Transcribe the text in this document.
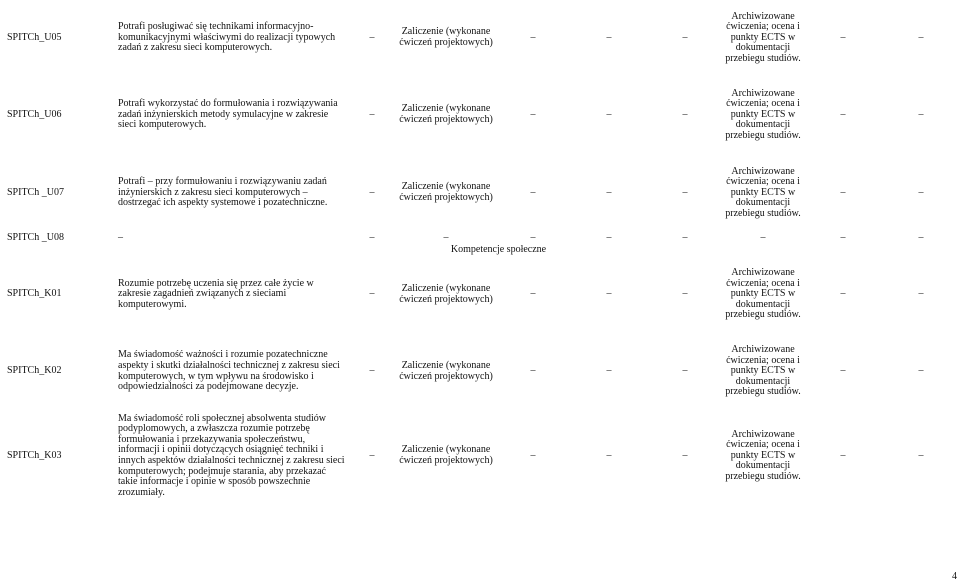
SPITCh_U05	Potrafi posługiwać się technikami informacyjno-komunikacyjnymi właściwymi do realizacji typowych zadań z zakresu sieci komputerowych.	–	Zaliczenie (wykonane ćwiczeń projektowych)	–	–	–	Archiwizowane ćwiczenia; ocena i punkty ECTS w dokumentacji przebiegu studiów.	–	–
SPITCh_U06	Potrafi wykorzystać do formułowania i rozwiązywania zadań inżynierskich metody symulacyjne w zakresie sieci komputerowych.	–	Zaliczenie (wykonane ćwiczeń projektowych)	–	–	–	Archiwizowane ćwiczenia; ocena i punkty ECTS w dokumentacji przebiegu studiów.	–	–
SPITCh _U07	Potrafi – przy formułowaniu i rozwiązywaniu zadań inżynierskich z zakresu sieci komputerowych – dostrzegać ich aspekty systemowe i pozatechniczne.	–	Zaliczenie (wykonane ćwiczeń projektowych)	–	–	–	Archiwizowane ćwiczenia; ocena i punkty ECTS w dokumentacji przebiegu studiów.	–	–
SPITCh _U08	–	–	–	–	–	–	–	–	–
Kompetencje społeczne									
SPITCh_K01	Rozumie potrzebę uczenia się przez całe życie w zakresie zagadnień związanych z sieciami komputerowymi.	–	Zaliczenie (wykonane ćwiczeń projektowych)	–	–	–	Archiwizowane ćwiczenia; ocena i punkty ECTS w dokumentacji przebiegu studiów.	–	–
SPITCh_K02	Ma świadomość ważności i rozumie pozatechniczne aspekty i skutki działalności technicznej z zakresu sieci komputerowych, w tym wpływu na środowisko i odpowiedzialności za podejmowane decyzje.	–	Zaliczenie (wykonane ćwiczeń projektowych)	–	–	–	Archiwizowane ćwiczenia; ocena i punkty ECTS w dokumentacji przebiegu studiów.	–	–
SPITCh_K03	Ma świadomość roli społecznej absolwenta studiów podyplomowych, a zwłaszcza rozumie potrzebę formułowania i przekazywania społeczeństwu, informacji i opinii dotyczących osiągnięć techniki i innych aspektów działalności technicznej z zakresu sieci komputerowych; podejmuje starania, aby przekazać takie informacje i opinie w sposób powszechnie zrozumiały.	–	Zaliczenie (wykonane ćwiczeń projektowych)	–	–	–	Archiwizowane ćwiczenia; ocena i punkty ECTS w dokumentacji przebiegu studiów.	–	–
4
